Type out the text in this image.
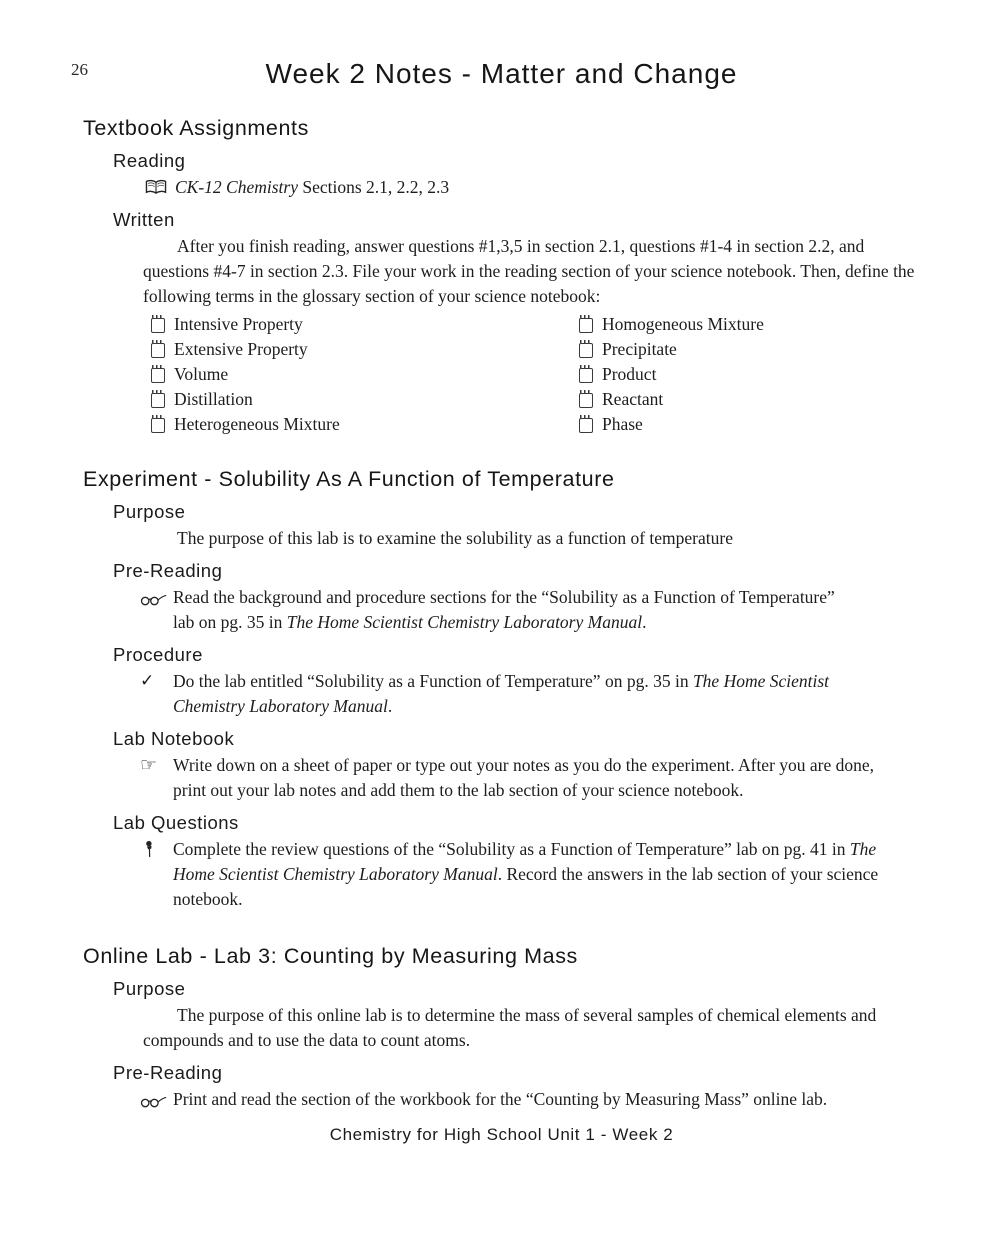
26	Week 2 Notes - Matter and Change
Textbook Assignments
Reading
CK-12 Chemistry Sections 2.1, 2.2, 2.3
Written

After you finish reading, answer questions #1,3,5 in section 2.1, questions #1-4 in section 2.2, and questions #4-7 in section 2.3. File your work in the reading section of your science notebook. Then, define the following terms in the glossary section of your science notebook:

Intensive Property
Extensive Property
Volume
Distillation
Heterogeneous Mixture
Homogeneous Mixture
Precipitate
Product
Reactant
Phase
Experiment - Solubility As A Function of Temperature
Purpose

The purpose of this lab is to examine the solubility as a function of temperature

Pre-Reading
Read the background and procedure sections for the “Solubility as a Function of Temperature” lab on pg. 35 in The Home Scientist Chemistry Laboratory Manual.
Procedure
✓	Do the lab entitled “Solubility as a Function of Temperature” on pg. 35 in The Home Scientist Chemistry Laboratory Manual.
Lab Notebook
☞ Write down on a sheet of paper or type out your notes as you do the experiment. After you are done, print out your lab notes and add them to the lab section of your science notebook.
Lab Questions
Complete the review questions of the “Solubility as a Function of Temperature” lab on pg. 41 in The Home Scientist Chemistry Laboratory Manual. Record the answers in the lab section of your science notebook.
Online Lab - Lab 3: Counting by Measuring Mass
Purpose

The purpose of this online lab is to determine the mass of several samples of chemical elements and compounds and to use the data to count atoms.

Pre-Reading
Print and read the section of the workbook for the “Counting by Measuring Mass” online lab.
Chemistry for High School Unit 1 - Week 2
